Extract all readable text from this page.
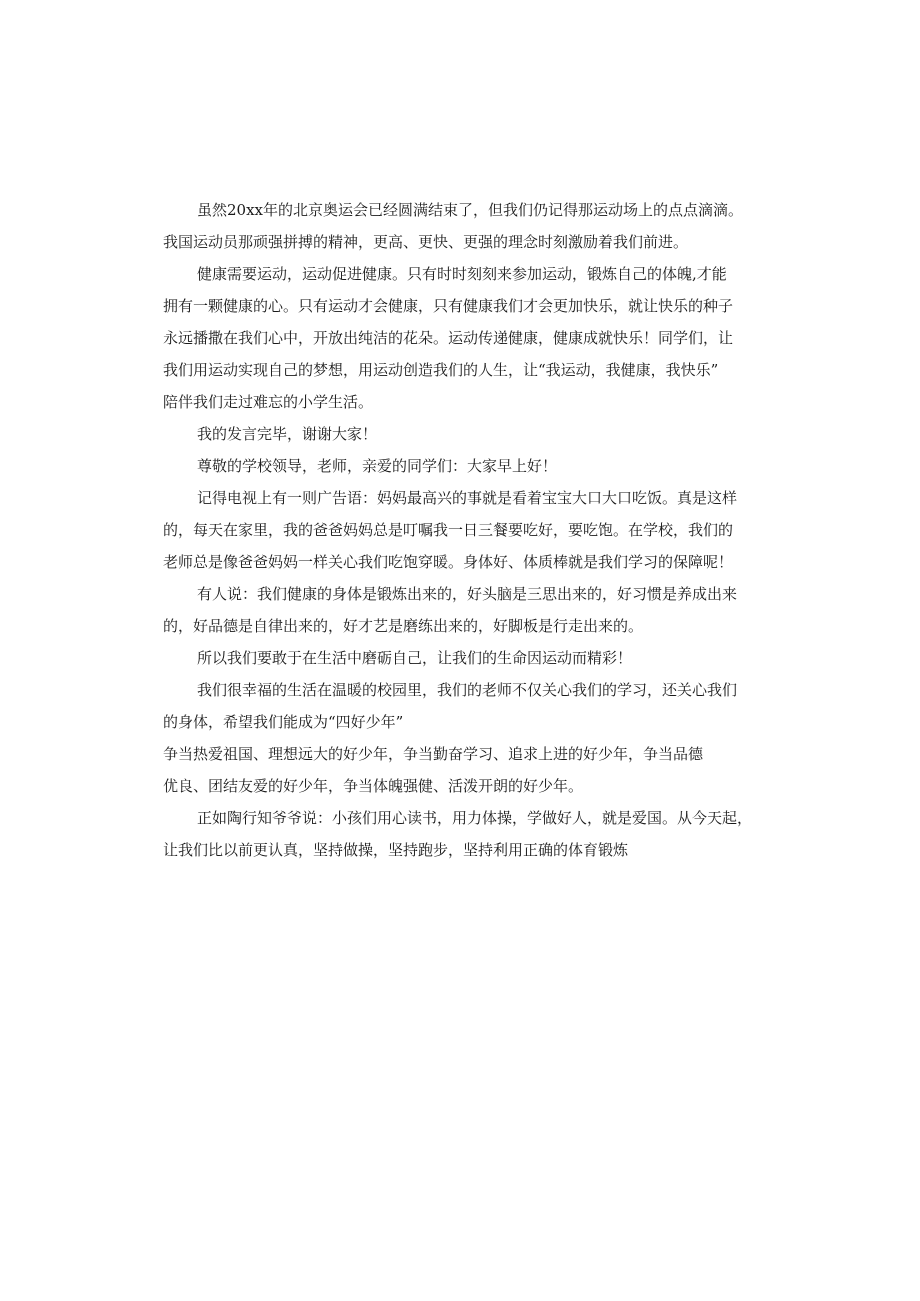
虽然20xx年的北京奥运会已经圆满结束了，但我们仍记得那运动场上的点点滴滴。
我国运动员那顽强拼搏的精神，更高、更快、更强的理念时刻激励着我们前进。
健康需要运动，运动促进健康。只有时时刻刻来参加运动，锻炼自己的体魄,才能
拥有一颗健康的心。只有运动才会健康，只有健康我们才会更加快乐，就让快乐的种子
永远播撒在我们心中，开放出纯洁的花朵。运动传递健康，健康成就快乐！同学们，让
我们用运动实现自己的梦想，用运动创造我们的人生，让“我运动，我健康，我快乐”
陪伴我们走过难忘的小学生活。
我的发言完毕，谢谢大家！
尊敬的学校领导，老师，亲爱的同学们：大家早上好！
记得电视上有一则广告语：妈妈最高兴的事就是看着宝宝大口大口吃饭。真是这样
的，每天在家里，我的爸爸妈妈总是叮嘱我一日三餐要吃好，要吃饱。在学校，我们的
老师总是像爸爸妈妈一样关心我们吃饱穿暖。身体好、体质棒就是我们学习的保障呢！
有人说：我们健康的身体是锻炼出来的，好头脑是三思出来的，好习惯是养成出来
的，好品德是自律出来的，好才艺是磨练出来的，好脚板是行走出来的。
所以我们要敢于在生活中磨砺自己，让我们的生命因运动而精彩！
我们很幸福的生活在温暖的校园里，我们的老师不仅关心我们的学习，还关心我们
的身体，希望我们能成为“四好少年”
争当热爱祖国、理想远大的好少年，争当勤奋学习、追求上进的好少年，争当品德
优良、团结友爱的好少年，争当体魄强健、活泼开朗的好少年。
正如陶行知爷爷说：小孩们用心读书，用力体操，学做好人，就是爱国。从今天起，
让我们比以前更认真，坚持做操，坚持跑步，坚持利用正确的体育锻炼
